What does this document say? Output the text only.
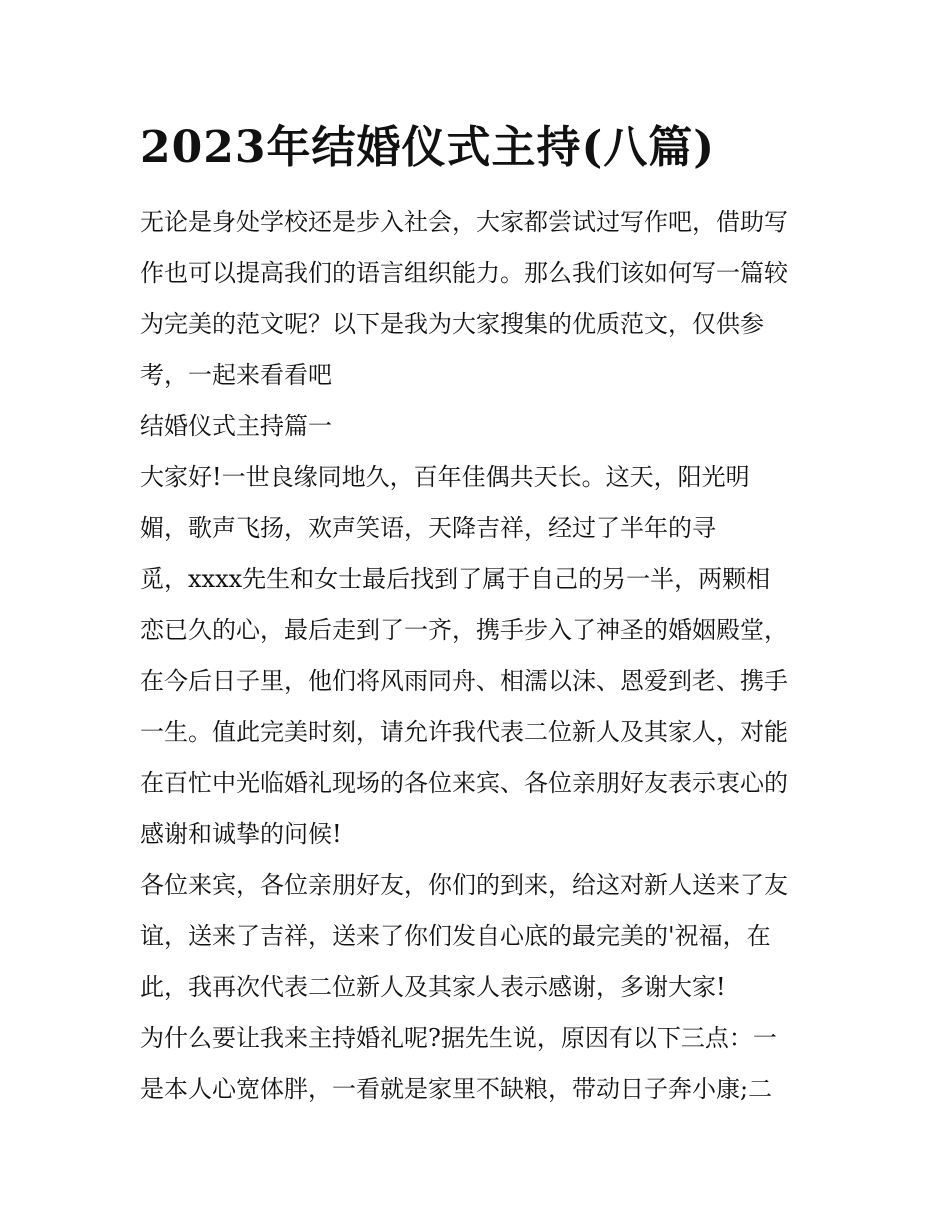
2023年结婚仪式主持(八篇)
无论是身处学校还是步入社会，大家都尝试过写作吧，借助写
作也可以提高我们的语言组织能力。那么我们该如何写一篇较
为完美的范文呢？以下是我为大家搜集的优质范文，仅供参
考，一起来看看吧
结婚仪式主持篇一
大家好!一世良缘同地久，百年佳偶共天长。这天，阳光明
媚，歌声飞扬，欢声笑语，天降吉祥，经过了半年的寻
觅，xxxx先生和女士最后找到了属于自己的另一半，两颗相
恋已久的心，最后走到了一齐，携手步入了神圣的婚姻殿堂，
在今后日子里，他们将风雨同舟、相濡以沫、恩爱到老、携手
一生。值此完美时刻，请允许我代表二位新人及其家人，对能
在百忙中光临婚礼现场的各位来宾、各位亲朋好友表示衷心的
感谢和诚挚的问候!
各位来宾，各位亲朋好友，你们的到来，给这对新人送来了友
谊，送来了吉祥，送来了你们发自心底的最完美的'祝福，在
此，我再次代表二位新人及其家人表示感谢，多谢大家!
为什么要让我来主持婚礼呢?据先生说，原因有以下三点：一
是本人心宽体胖，一看就是家里不缺粮，带动日子奔小康;二
